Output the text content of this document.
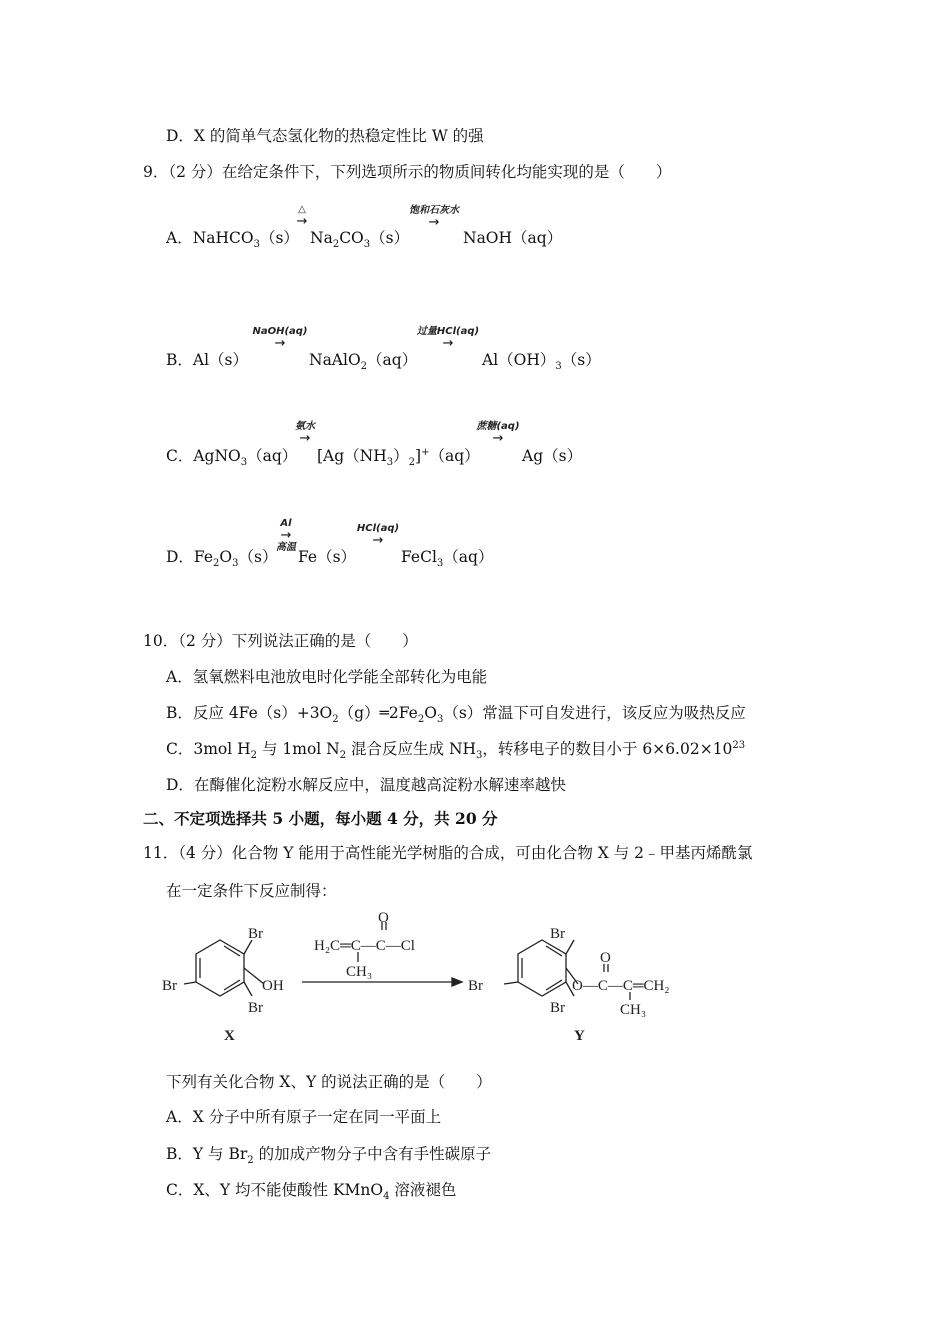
D．X 的简单气态氢化物的热稳定性比 W 的强
9．（2 分）在给定条件下，下列选项所示的物质间转化均能实现的是（　　）
A．NaHCO$_3$（s）
△
→
$Na_2CO_3(s)$
饱和石灰水
→
NaOH（aq）
B．Al（s）
NaOH(aq)
→
NaAlO$_2$（aq）
过量HCl(aq)
→
$Al(OH)_3(s)$
C．AgNO$_3$（aq）
氨水
→
$[Ag(NH_3)_2]^+(aq)$
蔗糖(aq)
→
Ag（s）
D．$Fe_2O_3(s)$
Al
→
高温
Fe（s）
HCl(aq)
→
FeCl$_3$（aq）
10．（2 分）下列说法正确的是（　　）
A．氢氧燃料电池放电时化学能全部转化为电能
B．反应 $4Fe(s)+3O_2(g)═2Fe_2O_3(s)$常温下可自发进行，该反应为吸热反应
C．3mol $H_2$ 与 1mol $N_2$ 混合反应生成 $NH_3$，转移电子的数目小于 $6\times 6.02\times 10^{23}$
D．在酶催化淀粉水解反应中，温度越高淀粉水解速率越快
二、不定项选择共 5 小题，每小题 4 分，共 20 分
11．（4 分）化合物 Y 能用于高性能光学树脂的合成，可由化合物 X 与 2﹣甲基丙烯酰氯
在一定条件下反应制得：
Br
OH
Br
Br
X
O
H₂C═C—C—Cl
CH₃
Br
Br
Br
O
O—C—C═CH₂
CH₃
Y
下列有关化合物 X、Y 的说法正确的是（　　）
A．X 分子中所有原子一定在同一平面上
B．Y 与 $Br_2$ 的加成产物分子中含有手性碳原子
C．X、Y 均不能使酸性 KMnO$_4$ 溶液褪色
